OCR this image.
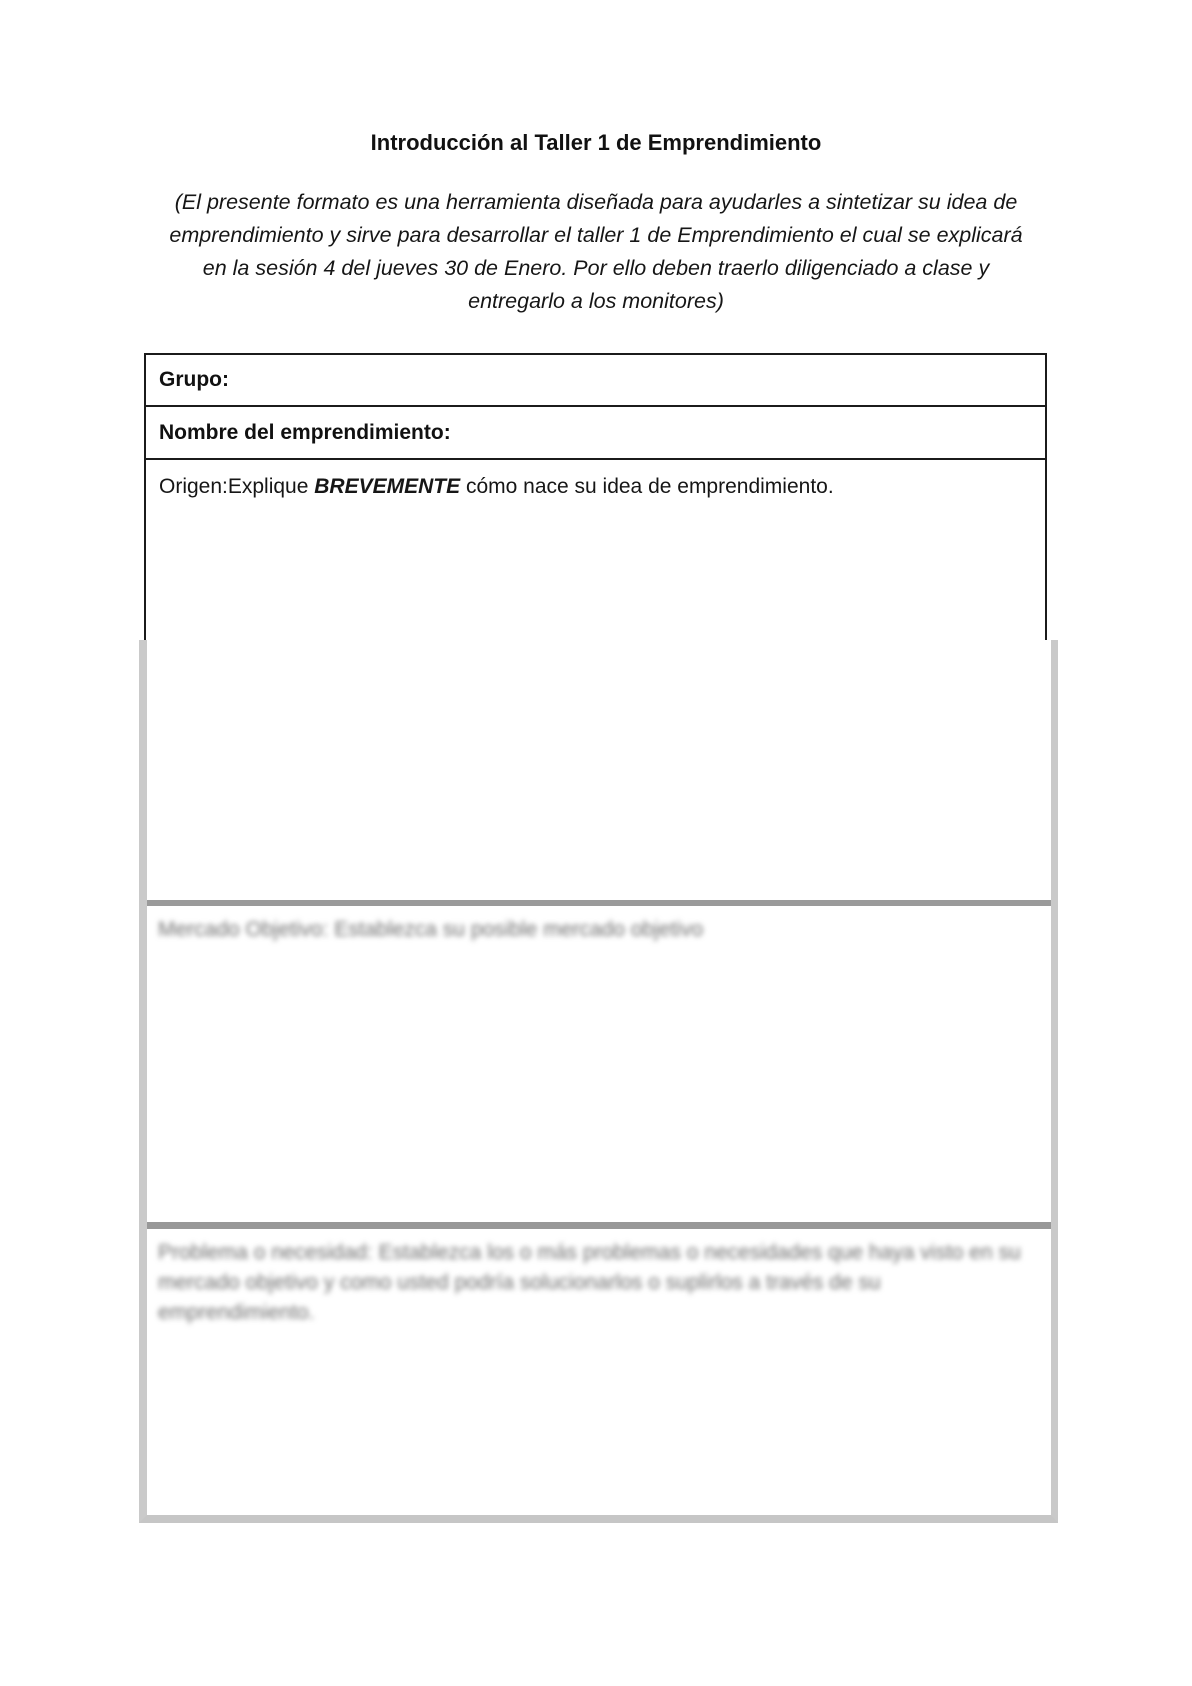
Introducción al Taller 1 de Emprendimiento

(El presente formato es una herramienta diseñada para ayudarles a sintetizar su idea de
emprendimiento y sirve para desarrollar el taller 1 de Emprendimiento el cual se explicará
en la sesión 4 del jueves 30 de Enero. Por ello deben traerlo diligenciado a clase y
entregarlo a los monitores)

Grupo:
Nombre del emprendimiento:
Origen:Explique BREVEMENTE cómo nace su idea de emprendimiento.
Mercado Objetivo: Establezca su posible mercado objetivo
Problema o necesidad: Establezca los o más problemas o necesidades que haya visto en su mercado objetivo y como usted podría solucionarlos o suplirlos a través de su emprendimiento.
